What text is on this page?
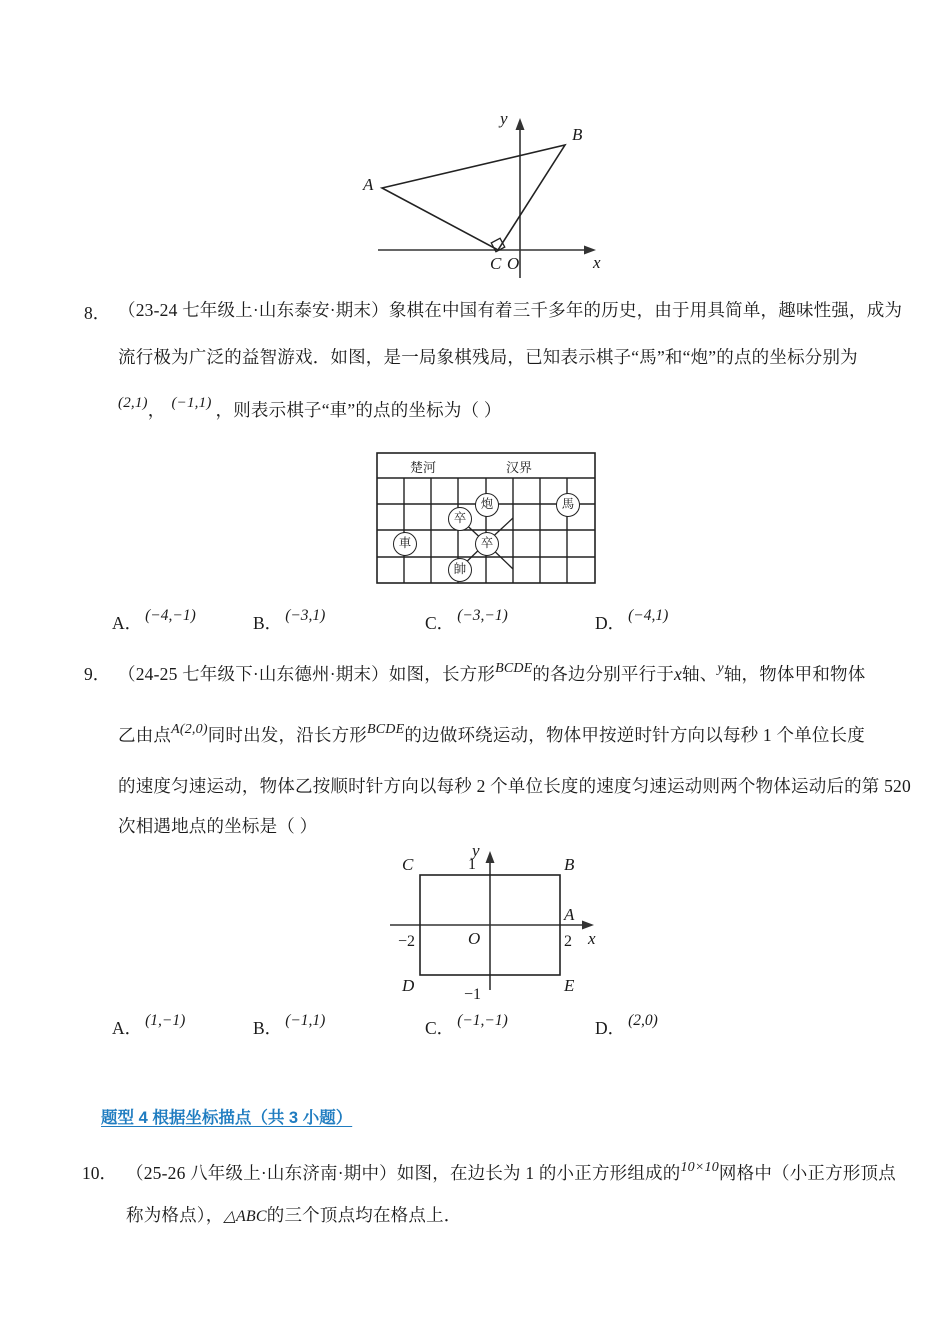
A
B
C O	x
y
8． （23-24 七年级上·山东泰安·期末）象棋在中国有着三千多年的历史，由于用具简单，趣味性强，成为
流行极为广泛的益智游戏．如图，是一局象棋残局，已知表示棋子“馬”和“炮”的点的坐标分别为
(2,1)， (−1,1) ，则表示棋子“車”的点的坐标为（ ）
楚河	汉界
炮	馬
卒
卒
車
帥
A． (−4,−1)	B． (−3,1)	C． (−3,−1)	D． (−4,1)
9． （24-25 七年级下·山东德州·期末）如图，长方形$^{BCDE}$的各边分别平行于x轴、$^y$轴，物体甲和物体
乙由点$^{A(2,0)}$同时出发，沿长方形$^{BCDE}$的边做环绕运动，物体甲按逆时针方向以每秒 1 个单位长度
的速度匀速运动，物体乙按顺时针方向以每秒 2 个单位长度的速度匀速运动则两个物体运动后的第 520
次相遇地点的坐标是（ ）
C	B
A
D	E
1
−1
−2	2
O	x
y
A． (1,−1)	B． (−1,1)	C． (−1,−1)	D． (2,0)
题型 4 根据坐标描点（共 3 小题）
10． （25-26 八年级上·山东济南·期中）如图，在边长为 1 的小正方形组成的$^{10\times 10}$网格中（小正方形顶点
称为格点），△ABC的三个顶点均在格点上．
